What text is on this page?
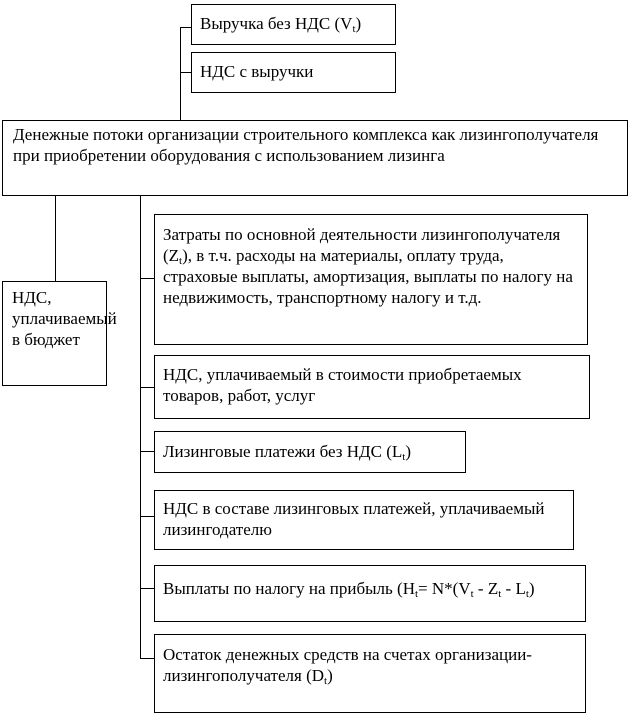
Выручка без НДС $(V_t)$
НДС с выручки
Денежные потоки организации строительного комплекса как лизингополучателя при приобретении оборудования с использованием лизинга
НДС, уплачиваемый в бюджет
Затраты по основной деятельности лизингополучателя $(Z_t)$, в т.ч. расходы на материалы, оплату труда, страховые выплаты, амортизация, выплаты по налогу на недвижимость, транспортному налогу и т.д.
НДС, уплачиваемый в стоимости приобретаемых товаров, работ, услуг
Лизинговые платежи без НДС $(L_t)$
НДС в составе лизинговых платежей, уплачиваемый лизингодателю
Выплаты по налогу на прибыль ($H_t= N*(V_t - Z_t - L_t)$
Остаток денежных средств на счетах организации-лизингополучателя $(D_t)$
